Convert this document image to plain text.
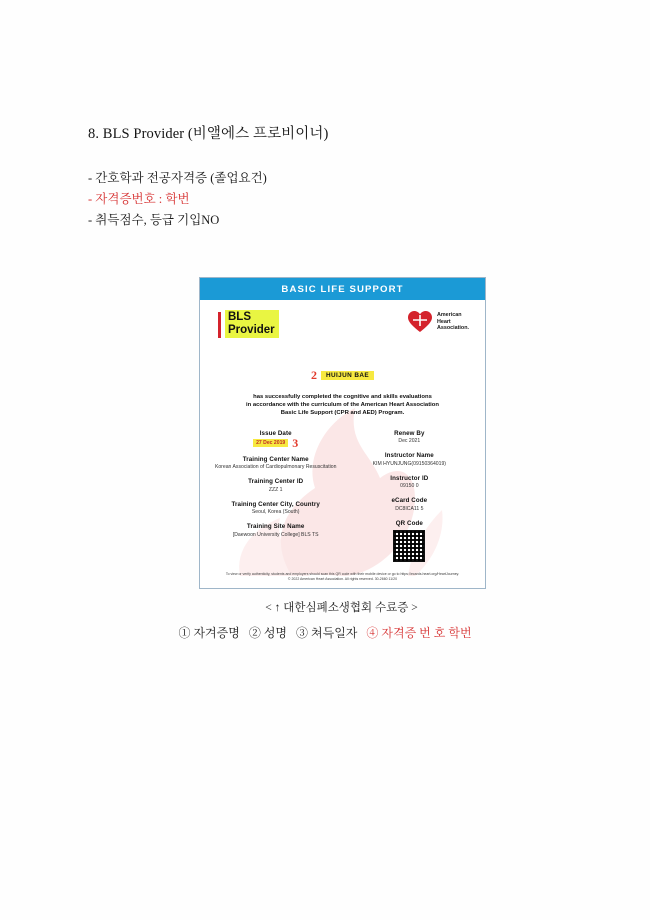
8. BLS Provider (비앨에스 프로비이너)
- 간호학과 전공자격증 (졸업요건)
- 자격증번호 : 학번
- 취득점수, 등급 기입NO
BASIC LIFE SUPPORT
BLS
Provider
American
Heart
Association.
2	HUIJUN BAE
has successfully completed the cognitive and skills evaluations
in accordance with the curriculum of the American Heart Association
Basic Life Support (CPR and AED) Program.
Issue Date
27 Dec 2019 3
Training Center Name
Korean Association of Cardiopulmonary Resuscitation
Training Center ID
ZZZ 1
Training Center City, Country
Seoul, Korea (South)
Training Site Name
[Daewoon University College] BLS TS
Renew By
Dec 2021
Instructor Name
KIM HYUNJUNG(09150364019)
Instructor ID
09150 0
eCard Code
DC8ICA11 5
QR Code
To view or verify authenticity, students and employers should scan this QR code with their mobile device or go to https://ecards.heart.org/HeartJourney.
© 2022 American Heart Association. All rights reserved. 30-2660 11/20
< ↑ 대한심폐소생협회 수료증 >
① 자겨증명 ② 성명 ③ 쳐득일자 ④ 자격증 번 호 학번
